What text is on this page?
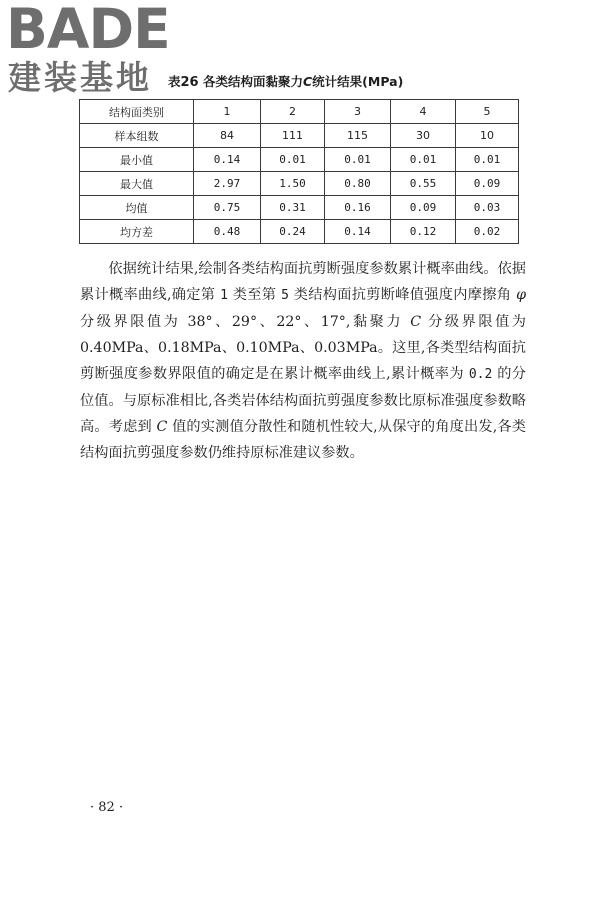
BADE
建装基地	表26 各类结构面黏聚力C统计结果(MPa)
结构面类别	1	2	3	4	5
样本组数	84	111	115	30	10
最小值	0.14	0.01	0.01	0.01	0.01
最大值	2.97	1.50	0.80	0.55	0.09
均值	0.75	0.31	0.16	0.09	0.03
均方差	0.48	0.24	0.14	0.12	0.02

依据统计结果,绘制各类结构面抗剪断强度参数累计概率曲线。依据累计概率曲线,确定第 1 类至第 5 类结构面抗剪断峰值强度内摩擦角 φ 分级界限值为 38°、29°、22°、17°,黏聚力 C 分级界限值为 0.40MPa、0.18MPa、0.10MPa、0.03MPa。这里,各类型结构面抗剪断强度参数界限值的确定是在累计概率曲线上,累计概率为 0.2 的分位值。与原标准相比,各类岩体结构面抗剪强度参数比原标准强度参数略高。考虑到 C 值的实测值分散性和随机性较大,从保守的角度出发,各类结构面抗剪强度参数仍维持原标准建议参数。

· 82 ·
